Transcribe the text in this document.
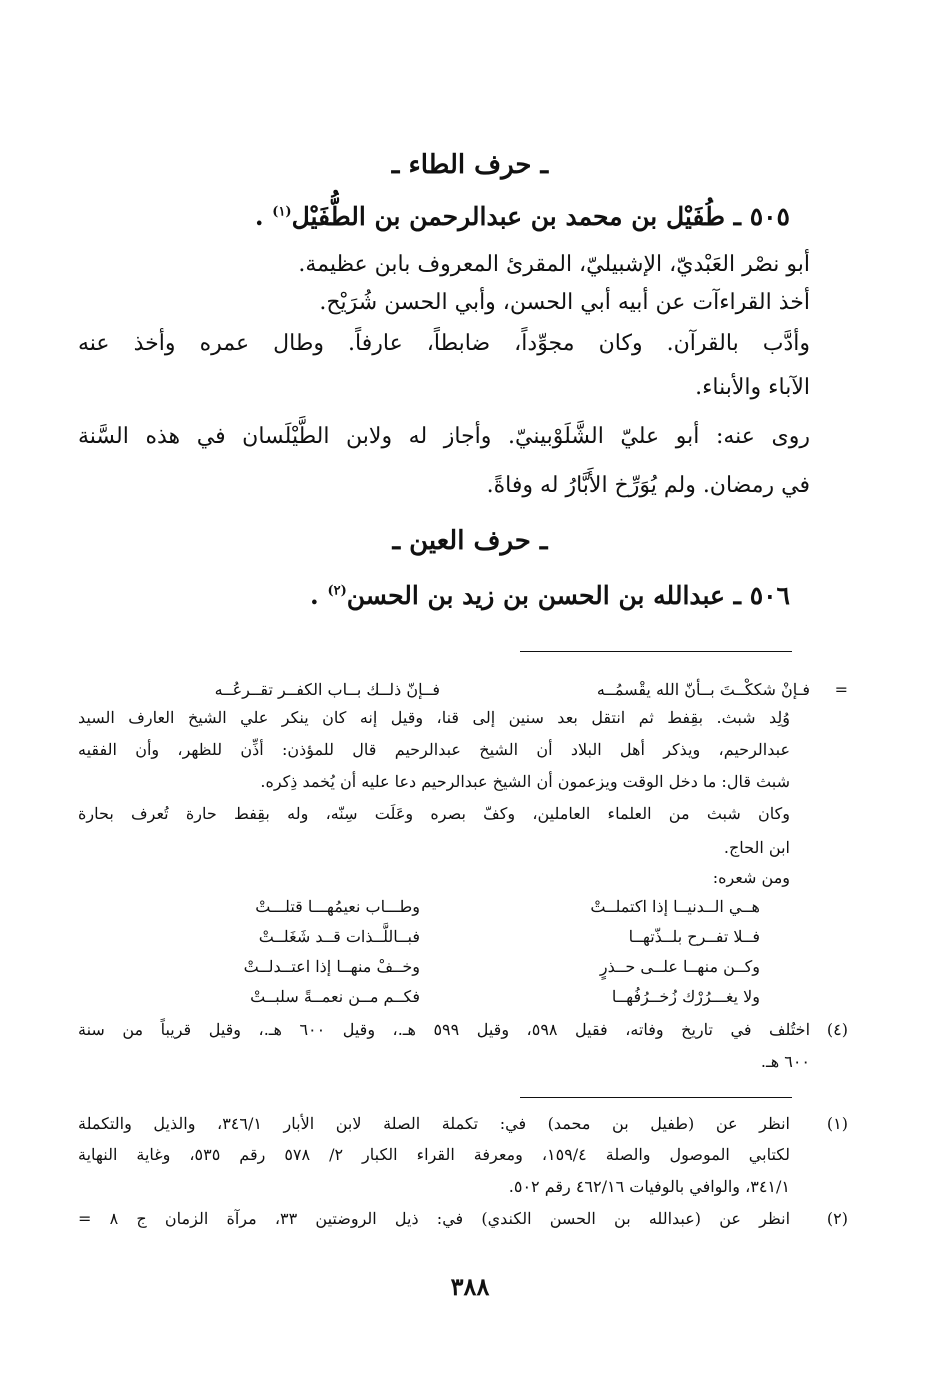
ـ حرف الطاء ـ
٥٠٥ ـ طُفَيْل بن محمد بن عبدالرحمن بن الطُّفَيْل$^{(١)}$ .
أبو نصْر العَبْديّ، الإشبيليّ، المقرئ المعروف بابن عظيمة.
أخذ القراءآت عن أبيه أبي الحسن، وأبي الحسن شُرَيْح.
وأدَّب بالقرآن. وكان مجوِّداً، ضابطاً، عارفاً. وطال عمره وأخذ عنه
الآباء والأبناء.
روى عنه: أبو عليّ الشَّلَوْبينيّ. وأجاز له ولابن الطَّيْلَسان في هذه السَّنة
في رمضان. ولم يُوَرِّخ الأَبَّارُ له وفاةً.
ـ حرف العين ـ
٥٠٦ ـ عبدالله بن الحسن بن زيد بن الحسن$^{(٢)}$ .
=
فـإنْ شككْــتَ بــأنّ الله يقْسمُــه
فــإنّ ذلــك بــاب الكفــر تقــرعُــه
وُلِد شبث. بقِفط ثم انتقل بعد سنين إلى قنا، وقيل إنه كان ينكر علي الشيخ العارف السيد
عبدالرحيم، ويذكر أهل البلاد أن الشيخ عبدالرحيم قال للمؤذن: أذِّن للظهر، وأن الفقيه
شبث قال: ما دخل الوقت ويزعمون أن الشيخ عبدالرحيم دعا عليه أن يُخمد ذِكره.
وكان شبث من العلماء العاملين، وكفّ بصره وعَلَت سِنّه، وله بقِفط حارة تُعرف بحارة
ابن الحاج.
ومن شعره:
هــي الــدنيــا إذا اكتملــتْ
وطـــاب نعيمُهـــا قتلـــتْ
فــلا تفــرح بلــذّتهــا
فبــاللَّــذات قــد شَغَلــتْ
وكــن منهــا علــى حــذرٍ
وخــفْ منهــا إذا اعتــدلــتْ
ولا يغـــرُرْك زُخــرُفُهــا
فكــم مــن نعمــةً سلبــتْ
(٤)
اختُلف في تاريخ وفاته، فقيل ٥٩٨، وقيل ٥٩٩ هـ.، وقيل ٦٠٠ هـ.، وقيل قريباً من سنة
٦٠٠ هـ.
(١)
انظر عن (طفيل بن محمد) في: تكملة الصلة لابن الأبار ٣٤٦/١، والذيل والتكملة
لكتابي الموصول والصلة ١٥٩/٤، ومعرفة القراء الكبار ٢/ ٥٧٨ رقم ٥٣٥، وغاية النهاية
٣٤١/١، والوافي بالوفيات ٤٦٢/١٦ رقم ٥٠٢.
(٢)
انظر عن (عبدالله بن الحسن الكندي) في: ذيل الروضتين ٣٣، مرآة الزمان ج ٨ =
٣٨٨
